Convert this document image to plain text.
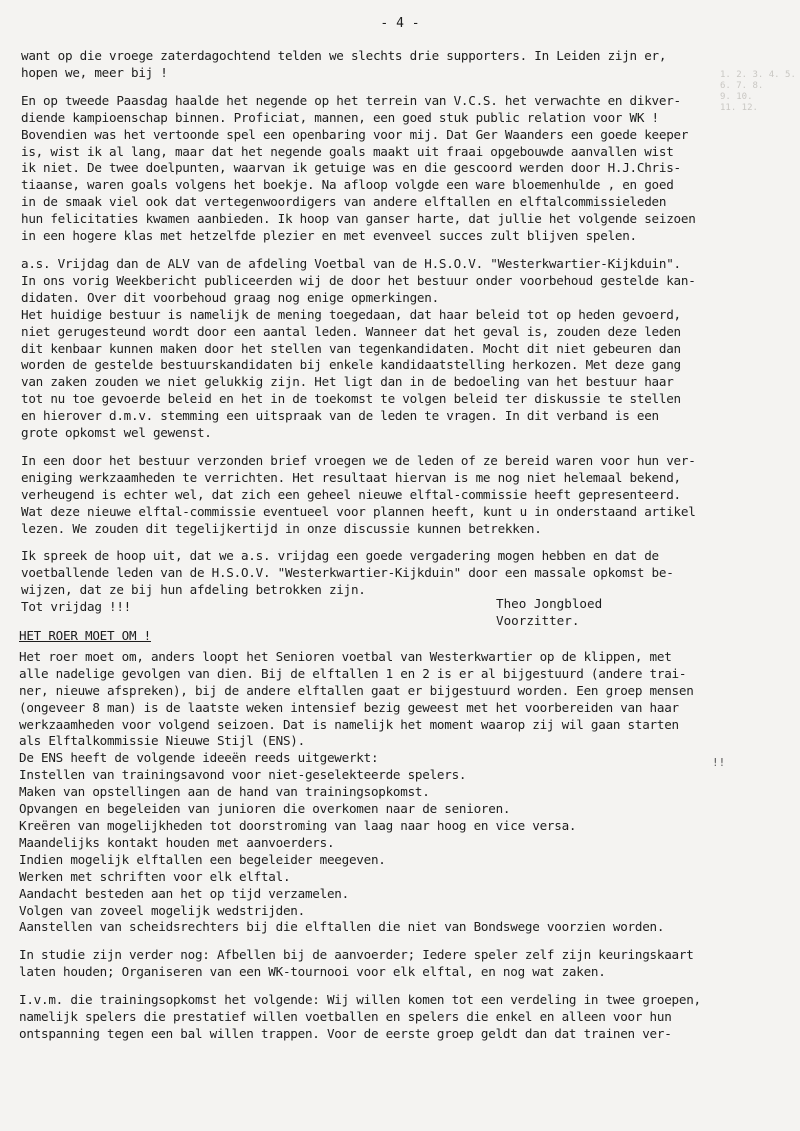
- 4 -
1. 2. 3. 4. 5.
6. 7. 8.
9. 10.
11. 12.

want op die vroege zaterdagochtend telden we slechts drie supporters. In Leiden zijn er,

hopen we, meer bij !

En op tweede Paasdag haalde het negende op het terrein van V.C.S. het verwachte en dikver-

diende kampioenschap binnen. Proficiat, mannen, een goed stuk public relation voor WK !

Bovendien was het vertoonde spel een openbaring voor mij. Dat Ger Waanders een goede keeper

is, wist ik al lang, maar dat het negende goals maakt uit fraai opgebouwde aanvallen wist

ik niet. De twee doelpunten, waarvan ik getuige was en die gescoord werden door H.J.Chris-

tiaanse, waren goals volgens het boekje. Na afloop volgde een ware bloemenhulde , en goed

in de smaak viel ook dat vertegenwoordigers van andere elftallen en elftalcommissieleden

hun felicitaties kwamen aanbieden. Ik hoop van ganser harte, dat jullie het volgende seizoen

in een hogere klas met hetzelfde plezier en met evenveel succes zult blijven spelen.

a.s. Vrijdag dan de ALV van de afdeling Voetbal van de H.S.O.V. "Westerkwartier-Kijkduin".

In ons vorig Weekbericht publiceerden wij de door het bestuur onder voorbehoud gestelde kan-

didaten. Over dit voorbehoud graag nog enige opmerkingen.

Het huidige bestuur is namelijk de mening toegedaan, dat haar beleid tot op heden gevoerd,

niet gerugesteund wordt door een aantal leden. Wanneer dat het geval is, zouden deze leden

dit kenbaar kunnen maken door het stellen van tegenkandidaten. Mocht dit niet gebeuren dan

worden de gestelde bestuurskandidaten bij enkele kandidaatstelling herkozen. Met deze gang

van zaken zouden we niet gelukkig zijn. Het ligt dan in de bedoeling van het bestuur haar

tot nu toe gevoerde beleid en het in de toekomst te volgen beleid ter diskussie te stellen

en hierover d.m.v. stemming een uitspraak van de leden te vragen. In dit verband is een

grote opkomst wel gewenst.

In een door het bestuur verzonden brief vroegen we de leden of ze bereid waren voor hun ver-

eniging werkzaamheden te verrichten. Het resultaat hiervan is me nog niet helemaal bekend,

verheugend is echter wel, dat zich een geheel nieuwe elftal-commissie heeft gepresenteerd.

Wat deze nieuwe elftal-commissie eventueel voor plannen heeft, kunt u in onderstaand artikel

lezen. We zouden dit tegelijkertijd in onze discussie kunnen betrekken.

Ik spreek de hoop uit, dat we a.s. vrijdag een goede vergadering mogen hebben en dat de

voetballende leden van de H.S.O.V. "Westerkwartier-Kijkduin" door een massale opkomst be-

wijzen, dat ze bij hun afdeling betrokken zijn.

Tot vrijdag !!!	Theo Jongbloed

Voorzitter.

HET ROER MOET OM !

Het roer moet om, anders loopt het Senioren voetbal van Westerkwartier op de klippen, met

alle nadelige gevolgen van dien. Bij de elftallen 1 en 2 is er al bijgestuurd (andere trai-

ner, nieuwe afspreken), bij de andere elftallen gaat er bijgestuurd worden. Een groep mensen

(ongeveer 8 man) is de laatste weken intensief bezig geweest met het voorbereiden van haar

werkzaamheden voor volgend seizoen. Dat is namelijk het moment waarop zij wil gaan starten

als Elftalkommissie Nieuwe Stijl (ENS).

De ENS heeft de volgende ideeën reeds uitgewerkt:

Instellen van trainingsavond voor niet-geselekteerde spelers.

Maken van opstellingen aan de hand van trainingsopkomst.

Opvangen en begeleiden van junioren die overkomen naar de senioren.

Kreëren van mogelijkheden tot doorstroming van laag naar hoog en vice versa.

Maandelijks kontakt houden met aanvoerders.

Indien mogelijk elftallen een begeleider meegeven.

Werken met schriften voor elk elftal.

Aandacht besteden aan het op tijd verzamelen.

Volgen van zoveel mogelijk wedstrijden.

Aanstellen van scheidsrechters bij die elftallen die niet van Bondswege voorzien worden.

In studie zijn verder nog: Afbellen bij de aanvoerder; Iedere speler zelf zijn keuringskaart

laten houden; Organiseren van een WK-tournooi voor elk elftal, en nog wat zaken.

I.v.m. die trainingsopkomst het volgende: Wij willen komen tot een verdeling in twee groepen,

namelijk spelers die prestatief willen voetballen en spelers die enkel en alleen voor hun

ontspanning tegen een bal willen trappen. Voor de eerste groep geldt dan dat trainen ver-

!!
